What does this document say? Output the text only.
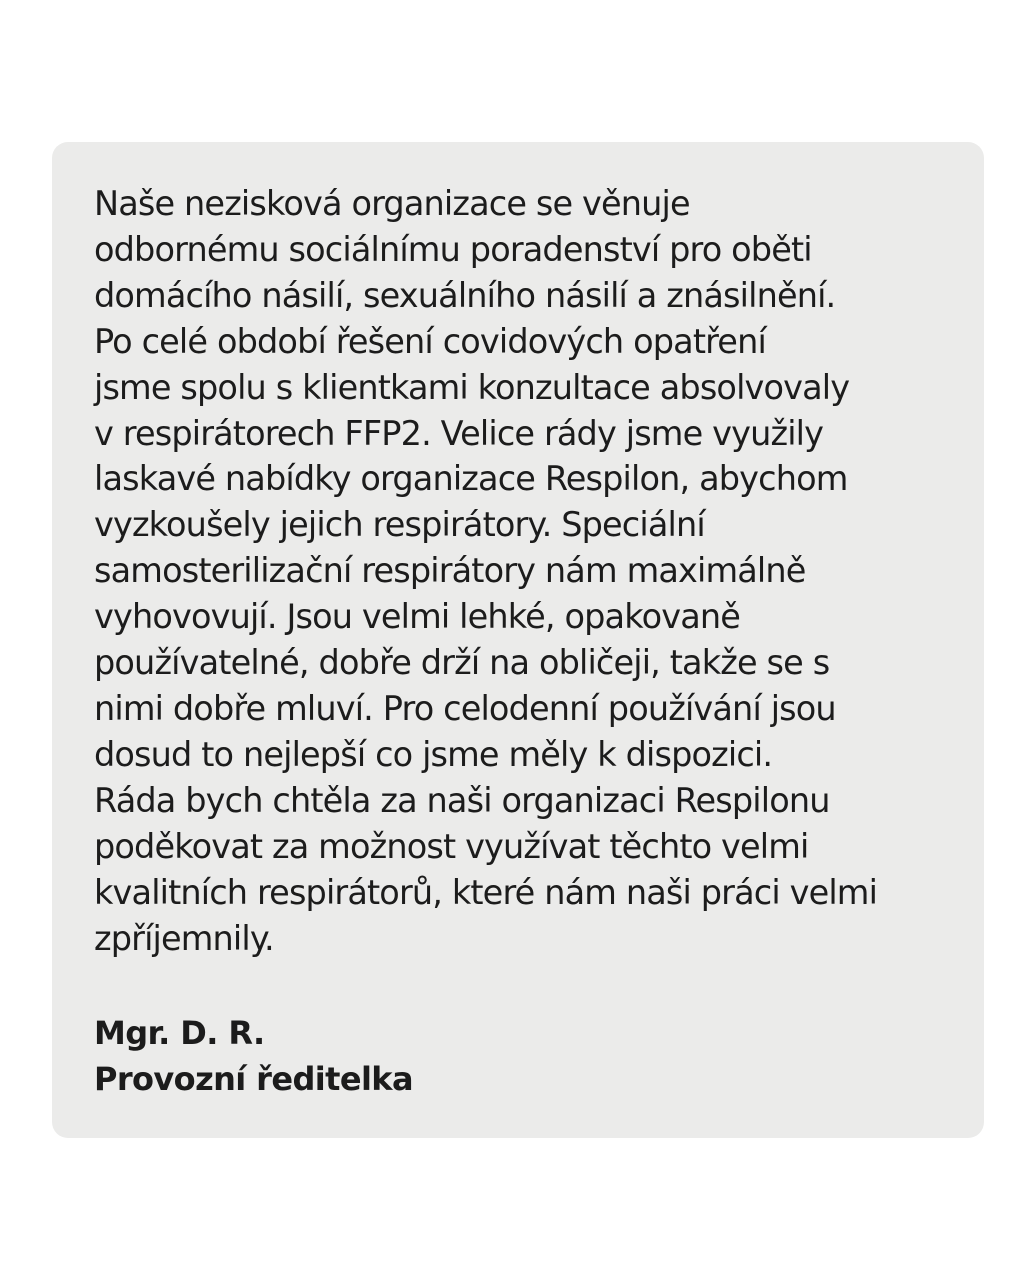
Naše nezisková organizace se věnuje
odbornému sociálnímu poradenství pro oběti
domácího násilí, sexuálního násilí a znásilnění.
Po celé období řešení covidových opatření
jsme spolu s klientkami konzultace absolvovaly
v respirátorech FFP2. Velice rády jsme využily
laskavé nabídky organizace Respilon, abychom
vyzkoušely jejich respirátory. Speciální
samosterilizační respirátory nám maximálně
vyhovovují. Jsou velmi lehké, opakovaně
používatelné, dobře drží na obličeji, takže se s
nimi dobře mluví. Pro celodenní používání jsou
dosud to nejlepší co jsme měly k dispozici.
Ráda bych chtěla za naši organizaci Respilonu
poděkovat za možnost využívat těchto velmi
kvalitních respirátorů, které nám naši práci velmi
zpříjemnily.
Mgr. D. R.
Provozní ředitelka
